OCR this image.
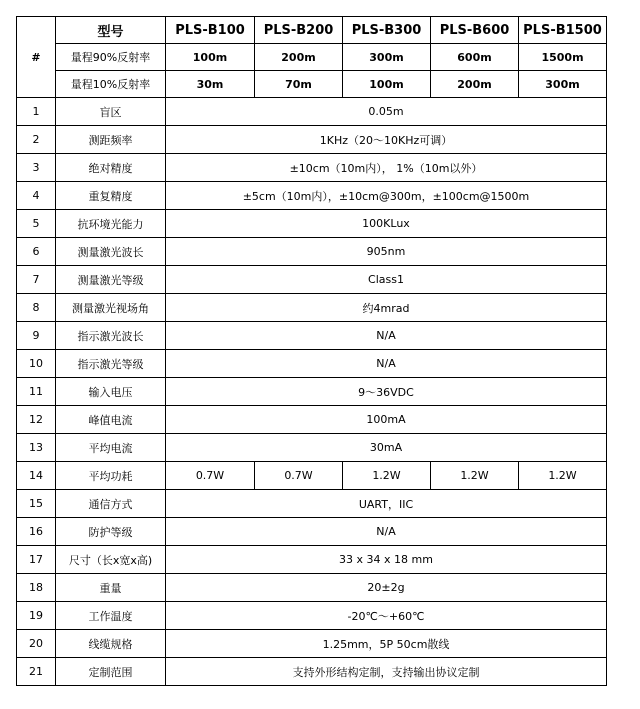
#	型号	PLS-B100	PLS-B200	PLS-B300	PLS-B600	PLS-B1500
	量程90%反射率	100m	200m	300m	600m	1500m
	量程10%反射率	30m	70m	100m	200m	300m
1	盲区	0.05m				
2	测距频率	1KHz（20～10KHz可调）				
3	绝对精度	±10cm（10m内）， 1%（10m以外）				
4	重复精度	±5cm（10m内），±10cm@300m，±100cm@1500m				
5	抗环境光能力	100KLux				
6	测量激光波长	905nm				
7	测量激光等级	Class1				
8	测量激光视场角	约4mrad				
9	指示激光波长	N/A				
10	指示激光等级	N/A				
11	输入电压	9～36VDC				
12	峰值电流	100mA				
13	平均电流	30mA				
14	平均功耗	0.7W	0.7W	1.2W	1.2W	1.2W
15	通信方式	UART，IIC				
16	防护等级	N/A				
17	尺寸（长x宽x高)	33 x 34 x 18 mm				
18	重量	20±2g				
19	工作温度	-20℃～+60℃				
20	线缆规格	1.25mm，5P 50cm散线				
21	定制范围	支持外形结构定制，支持输出协议定制				
